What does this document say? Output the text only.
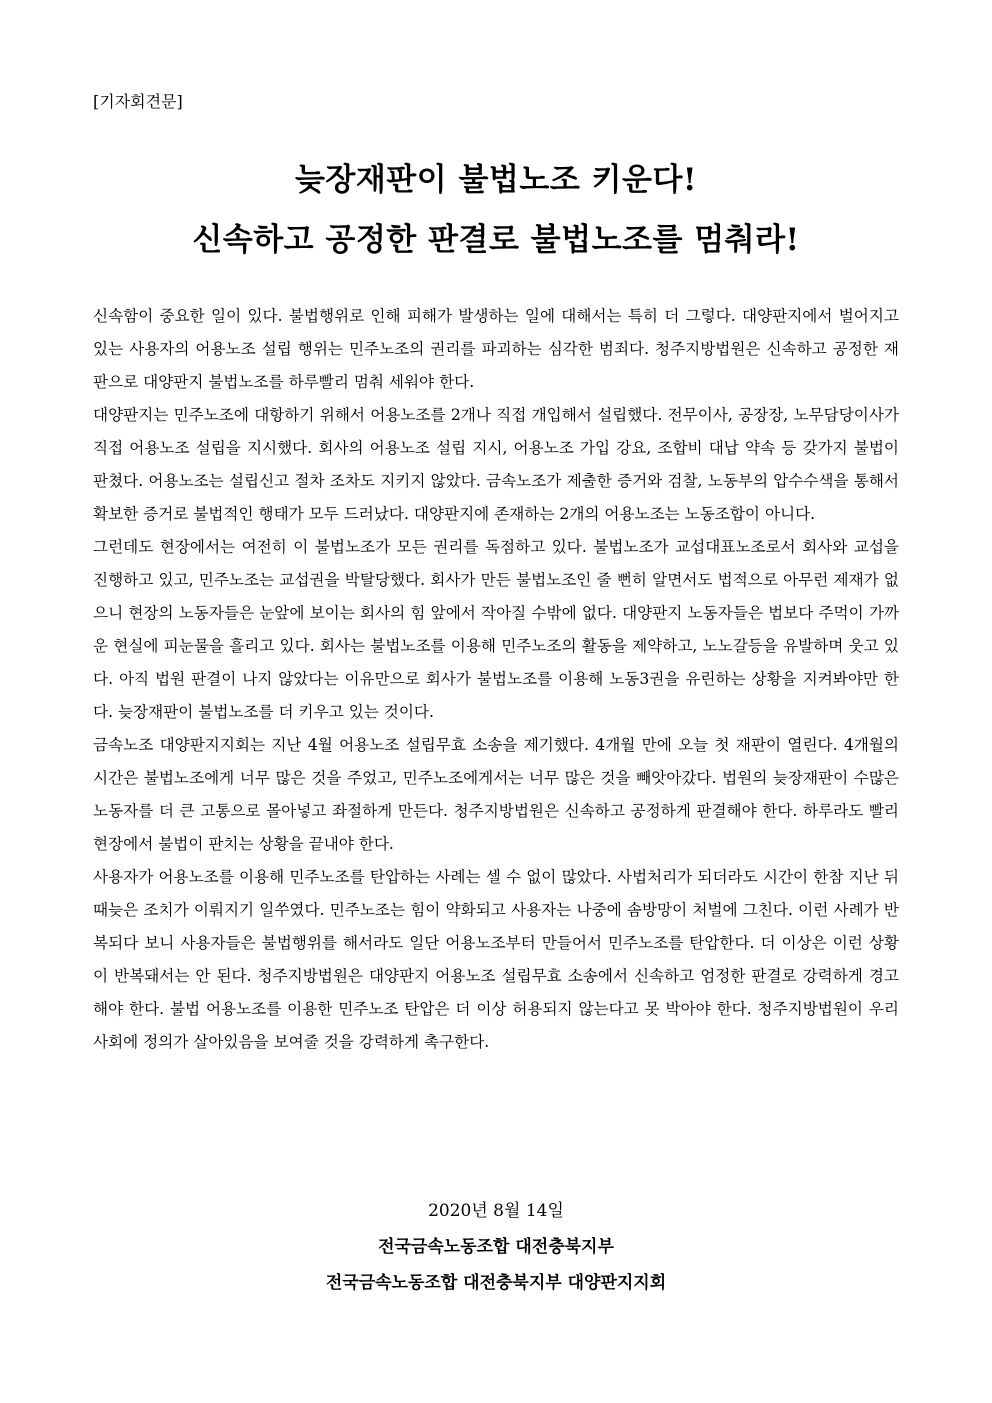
[기자회견문]
늦장재판이 불법노조 키운다!
신속하고 공정한 판결로 불법노조를 멈춰라!

신속함이 중요한 일이 있다. 불법행위로 인해 피해가 발생하는 일에 대해서는 특히 더 그렇다. 대양판지에서 벌어지고 있는 사용자의 어용노조 설립 행위는 민주노조의 권리를 파괴하는 심각한 범죄다. 청주지방법원은 신속하고 공정한 재판으로 대양판지 불법노조를 하루빨리 멈춰 세워야 한다.

대양판지는 민주노조에 대항하기 위해서 어용노조를 2개나 직접 개입해서 설립했다. 전무이사, 공장장, 노무담당이사가 직접 어용노조 설립을 지시했다. 회사의 어용노조 설립 지시, 어용노조 가입 강요, 조합비 대납 약속 등 갖가지 불법이 판쳤다. 어용노조는 설립신고 절차 조차도 지키지 않았다. 금속노조가 제출한 증거와 검찰, 노동부의 압수수색을 통해서 확보한 증거로 불법적인 행태가 모두 드러났다. 대양판지에 존재하는 2개의 어용노조는 노동조합이 아니다.

그런데도 현장에서는 여전히 이 불법노조가 모든 권리를 독점하고 있다. 불법노조가 교섭대표노조로서 회사와 교섭을 진행하고 있고, 민주노조는 교섭권을 박탈당했다. 회사가 만든 불법노조인 줄 뻔히 알면서도 법적으로 아무런 제재가 없으니 현장의 노동자들은 눈앞에 보이는 회사의 힘 앞에서 작아질 수밖에 없다. 대양판지 노동자들은 법보다 주먹이 가까운 현실에 피눈물을 흘리고 있다. 회사는 불법노조를 이용해 민주노조의 활동을 제약하고, 노노갈등을 유발하며 웃고 있다. 아직 법원 판결이 나지 않았다는 이유만으로 회사가 불법노조를 이용해 노동3권을 유린하는 상황을 지켜봐야만 한다. 늦장재판이 불법노조를 더 키우고 있는 것이다.

금속노조 대양판지지회는 지난 4월 어용노조 설립무효 소송을 제기했다. 4개월 만에 오늘 첫 재판이 열린다. 4개월의 시간은 불법노조에게 너무 많은 것을 주었고, 민주노조에게서는 너무 많은 것을 빼앗아갔다. 법원의 늦장재판이 수많은 노동자를 더 큰 고통으로 몰아넣고 좌절하게 만든다. 청주지방법원은 신속하고 공정하게 판결해야 한다. 하루라도 빨리 현장에서 불법이 판치는 상황을 끝내야 한다.

사용자가 어용노조를 이용해 민주노조를 탄압하는 사례는 셀 수 없이 많았다. 사법처리가 되더라도 시간이 한참 지난 뒤 때늦은 조치가 이뤄지기 일쑤였다. 민주노조는 힘이 약화되고 사용자는 나중에 솜방망이 처벌에 그친다. 이런 사례가 반복되다 보니 사용자들은 불법행위를 해서라도 일단 어용노조부터 만들어서 민주노조를 탄압한다. 더 이상은 이런 상황이 반복돼서는 안 된다. 청주지방법원은 대양판지 어용노조 설립무효 소송에서 신속하고 엄정한 판결로 강력하게 경고해야 한다. 불법 어용노조를 이용한 민주노조 탄압은 더 이상 허용되지 않는다고 못 박아야 한다. 청주지방법원이 우리 사회에 정의가 살아있음을 보여줄 것을 강력하게 촉구한다.

2020년 8월 14일
전국금속노동조합 대전충북지부
전국금속노동조합 대전충북지부 대양판지지회
